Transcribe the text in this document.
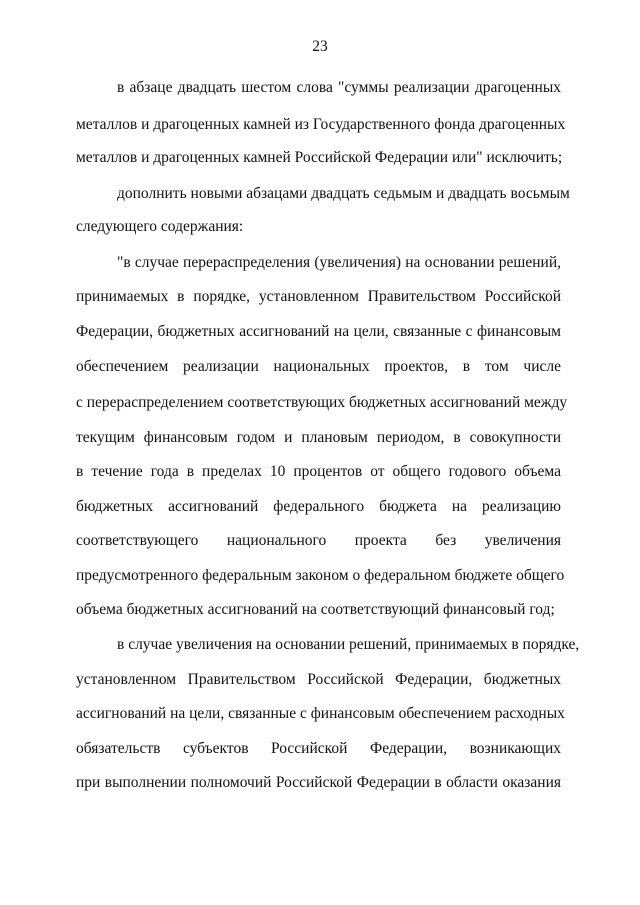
23
в абзаце двадцать шестом слова "суммы реализации драгоценных
металлов и драгоценных камней из Государственного фонда драгоценных
металлов и драгоценных камней Российской Федерации или" исключить;
дополнить новыми абзацами двадцать седьмым и двадцать восьмым
следующего содержания:
"в случае перераспределения (увеличения) на основании решений,
принимаемых в порядке, установленном Правительством Российской
Федерации, бюджетных ассигнований на цели, связанные с финансовым
обеспечением реализации национальных проектов, в том числе
с перераспределением соответствующих бюджетных ассигнований между
текущим финансовым годом и плановым периодом, в совокупности
в течение года в пределах 10 процентов от общего годового объема
бюджетных ассигнований федерального бюджета на реализацию
соответствующего национального проекта без увеличения
предусмотренного федеральным законом о федеральном бюджете общего
объема бюджетных ассигнований на соответствующий финансовый год;
в случае увеличения на основании решений, принимаемых в порядке,
установленном Правительством Российской Федерации, бюджетных
ассигнований на цели, связанные с финансовым обеспечением расходных
обязательств субъектов Российской Федерации, возникающих
при выполнении полномочий Российской Федерации в области оказания
